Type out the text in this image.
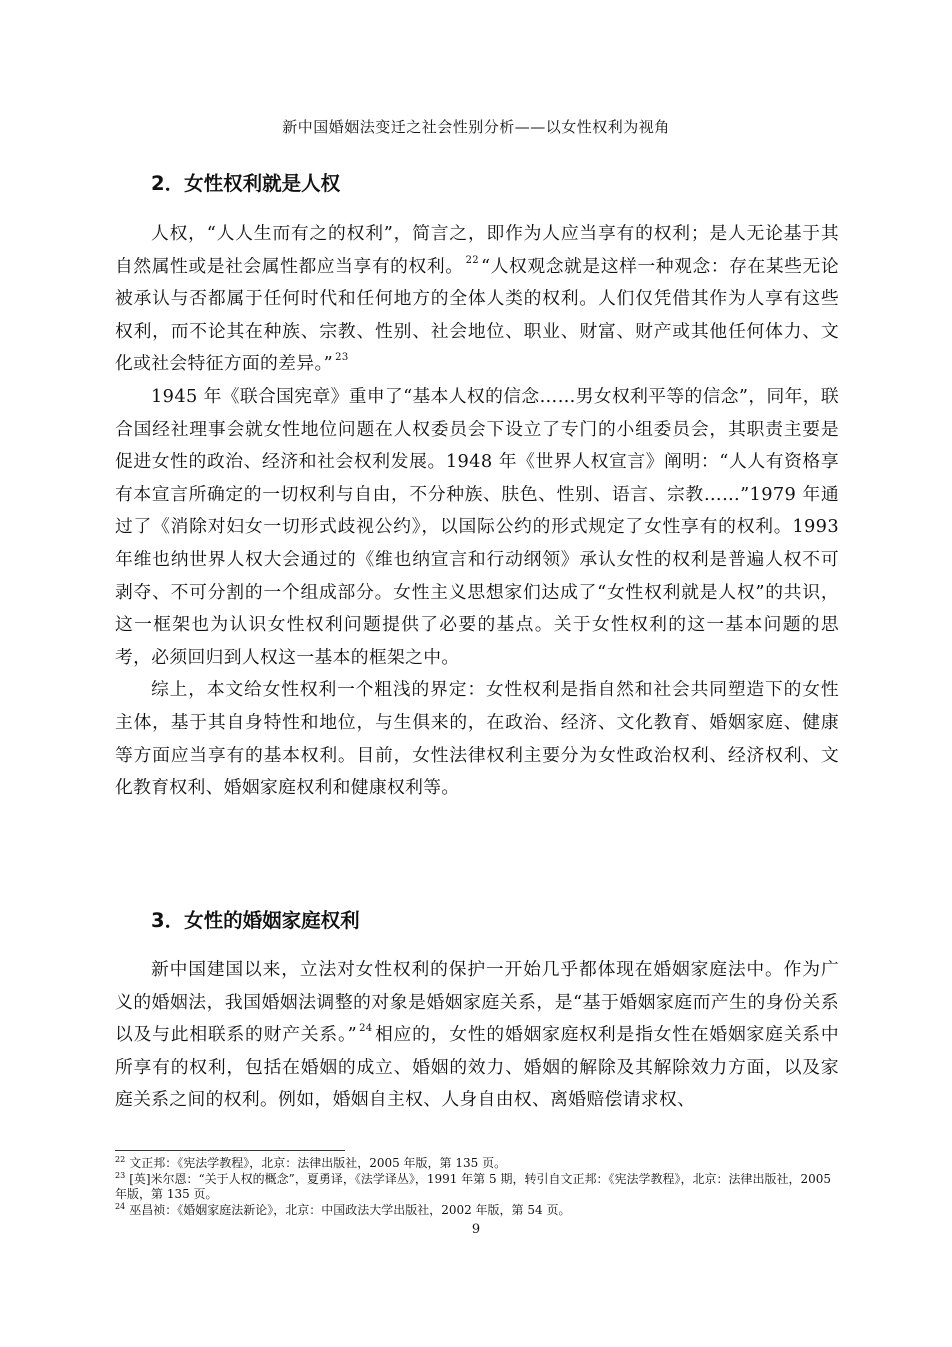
新中国婚姻法变迁之社会性别分析——以女性权利为视角
2．女性权利就是人权

人权，“人人生而有之的权利”，简言之，即作为人应当享有的权利；是人无论基于其自然属性或是社会属性都应当享有的权利。 $^{22}$ “人权观念就是这样一种观念：存在某些无论被承认与否都属于任何时代和任何地方的全体人类的权利。人们仅凭借其作为人享有这些权利，而不论其在种族、宗教、性别、社会地位、职业、财富、财产或其他任何体力、文化或社会特征方面的差异。” $^{23}$

1945 年《联合国宪章》重申了“基本人权的信念……男女权利平等的信念”，同年，联合国经社理事会就女性地位问题在人权委员会下设立了专门的小组委员会，其职责主要是促进女性的政治、经济和社会权利发展。1948 年《世界人权宣言》阐明：“人人有资格享有本宣言所确定的一切权利与自由，不分种族、肤色、性别、语言、宗教……”1979 年通过了《消除对妇女一切形式歧视公约》，以国际公约的形式规定了女性享有的权利。1993 年维也纳世界人权大会通过的《维也纳宣言和行动纲领》承认女性的权利是普遍人权不可剥夺、不可分割的一个组成部分。女性主义思想家们达成了“女性权利就是人权”的共识，这一框架也为认识女性权利问题提供了必要的基点。关于女性权利的这一基本问题的思考，必须回归到人权这一基本的框架之中。

综上，本文给女性权利一个粗浅的界定：女性权利是指自然和社会共同塑造下的女性主体，基于其自身特性和地位，与生俱来的，在政治、经济、文化教育、婚姻家庭、健康等方面应当享有的基本权利。目前，女性法律权利主要分为女性政治权利、经济权利、文化教育权利、婚姻家庭权利和健康权利等。

3．女性的婚姻家庭权利

新中国建国以来，立法对女性权利的保护一开始几乎都体现在婚姻家庭法中。作为广义的婚姻法，我国婚姻法调整的对象是婚姻家庭关系，是“基于婚姻家庭而产生的身份关系以及与此相联系的财产关系。” $^{24}$ 相应的，女性的婚姻家庭权利是指女性在婚姻家庭关系中所享有的权利，包括在婚姻的成立、婚姻的效力、婚姻的解除及其解除效力方面，以及家庭关系之间的权利。例如，婚姻自主权、人身自由权、离婚赔偿请求权、

$^{22}$ 文正邦：《宪法学教程》，北京：法律出版社，2005 年版，第 135 页。

$^{23}$ [英]米尔恩：“关于人权的概念”，夏勇译，《法学译丛》，1991 年第 5 期，转引自文正邦：《宪法学教程》，北京：法律出版社，2005 年版，第 135 页。

$^{24}$ 巫昌祯：《婚姻家庭法新论》，北京：中国政法大学出版社，2002 年版，第 54 页。

9
